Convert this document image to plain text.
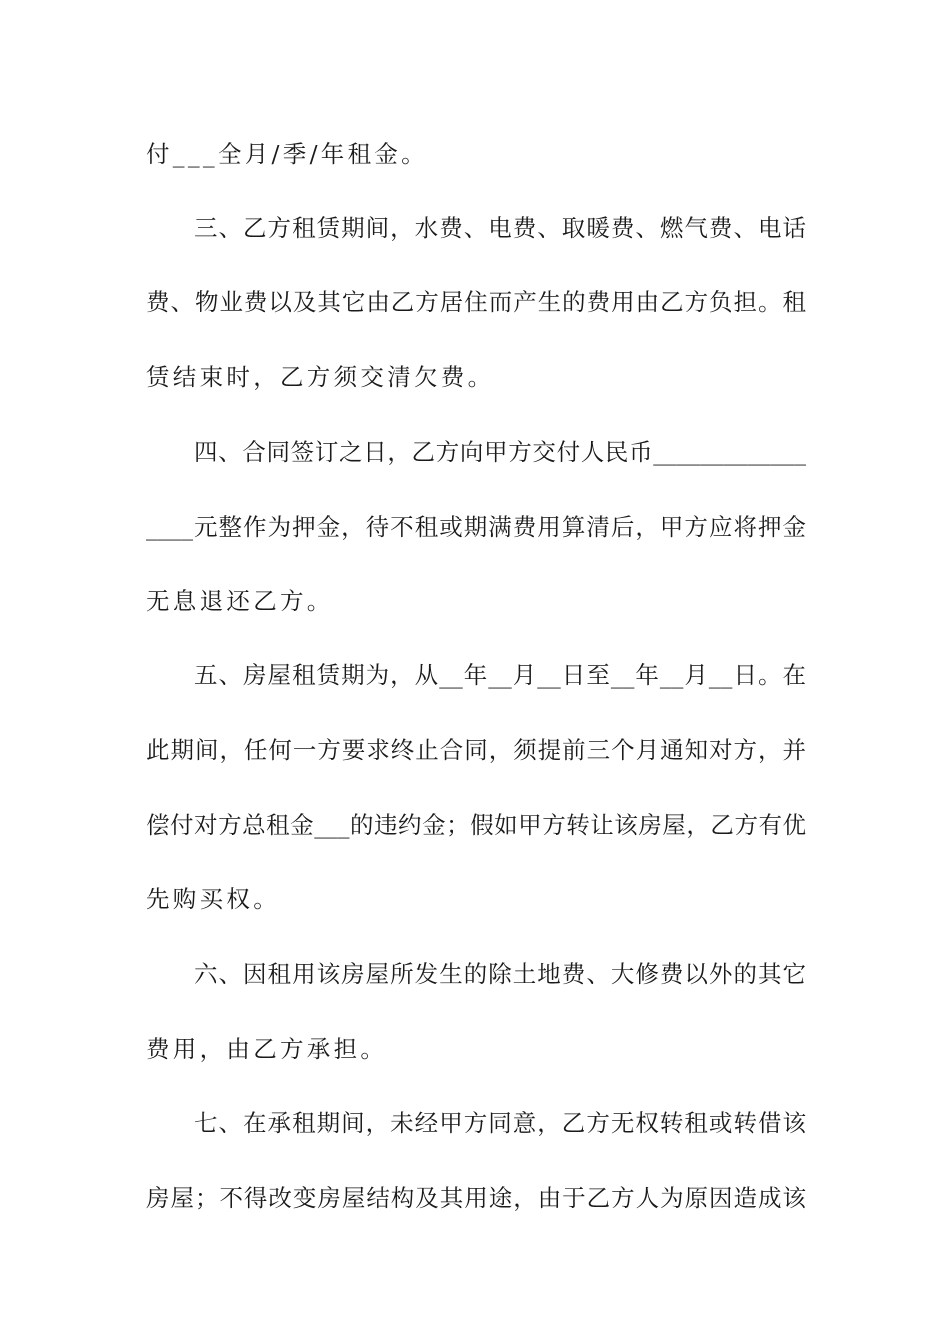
付___全月/季/年租金。
三、乙方租赁期间，水费、电费、取暖费、燃气费、电话
费、物业费以及其它由乙方居住而产生的费用由乙方负担。租
赁结束时，乙方须交清欠费。
四、合同签订之日，乙方向甲方交付人民币_____________
____元整作为押金，待不租或期满费用算清后，甲方应将押金
无息退还乙方。
五、房屋租赁期为，从__年__月__日至__年__月__日。在
此期间，任何一方要求终止合同，须提前三个月通知对方，并
偿付对方总租金___的违约金；假如甲方转让该房屋，乙方有优
先购买权。
六、因租用该房屋所发生的除土地费、大修费以外的其它
费用，由乙方承担。
七、在承租期间，未经甲方同意，乙方无权转租或转借该
房屋；不得改变房屋结构及其用途，由于乙方人为原因造成该
